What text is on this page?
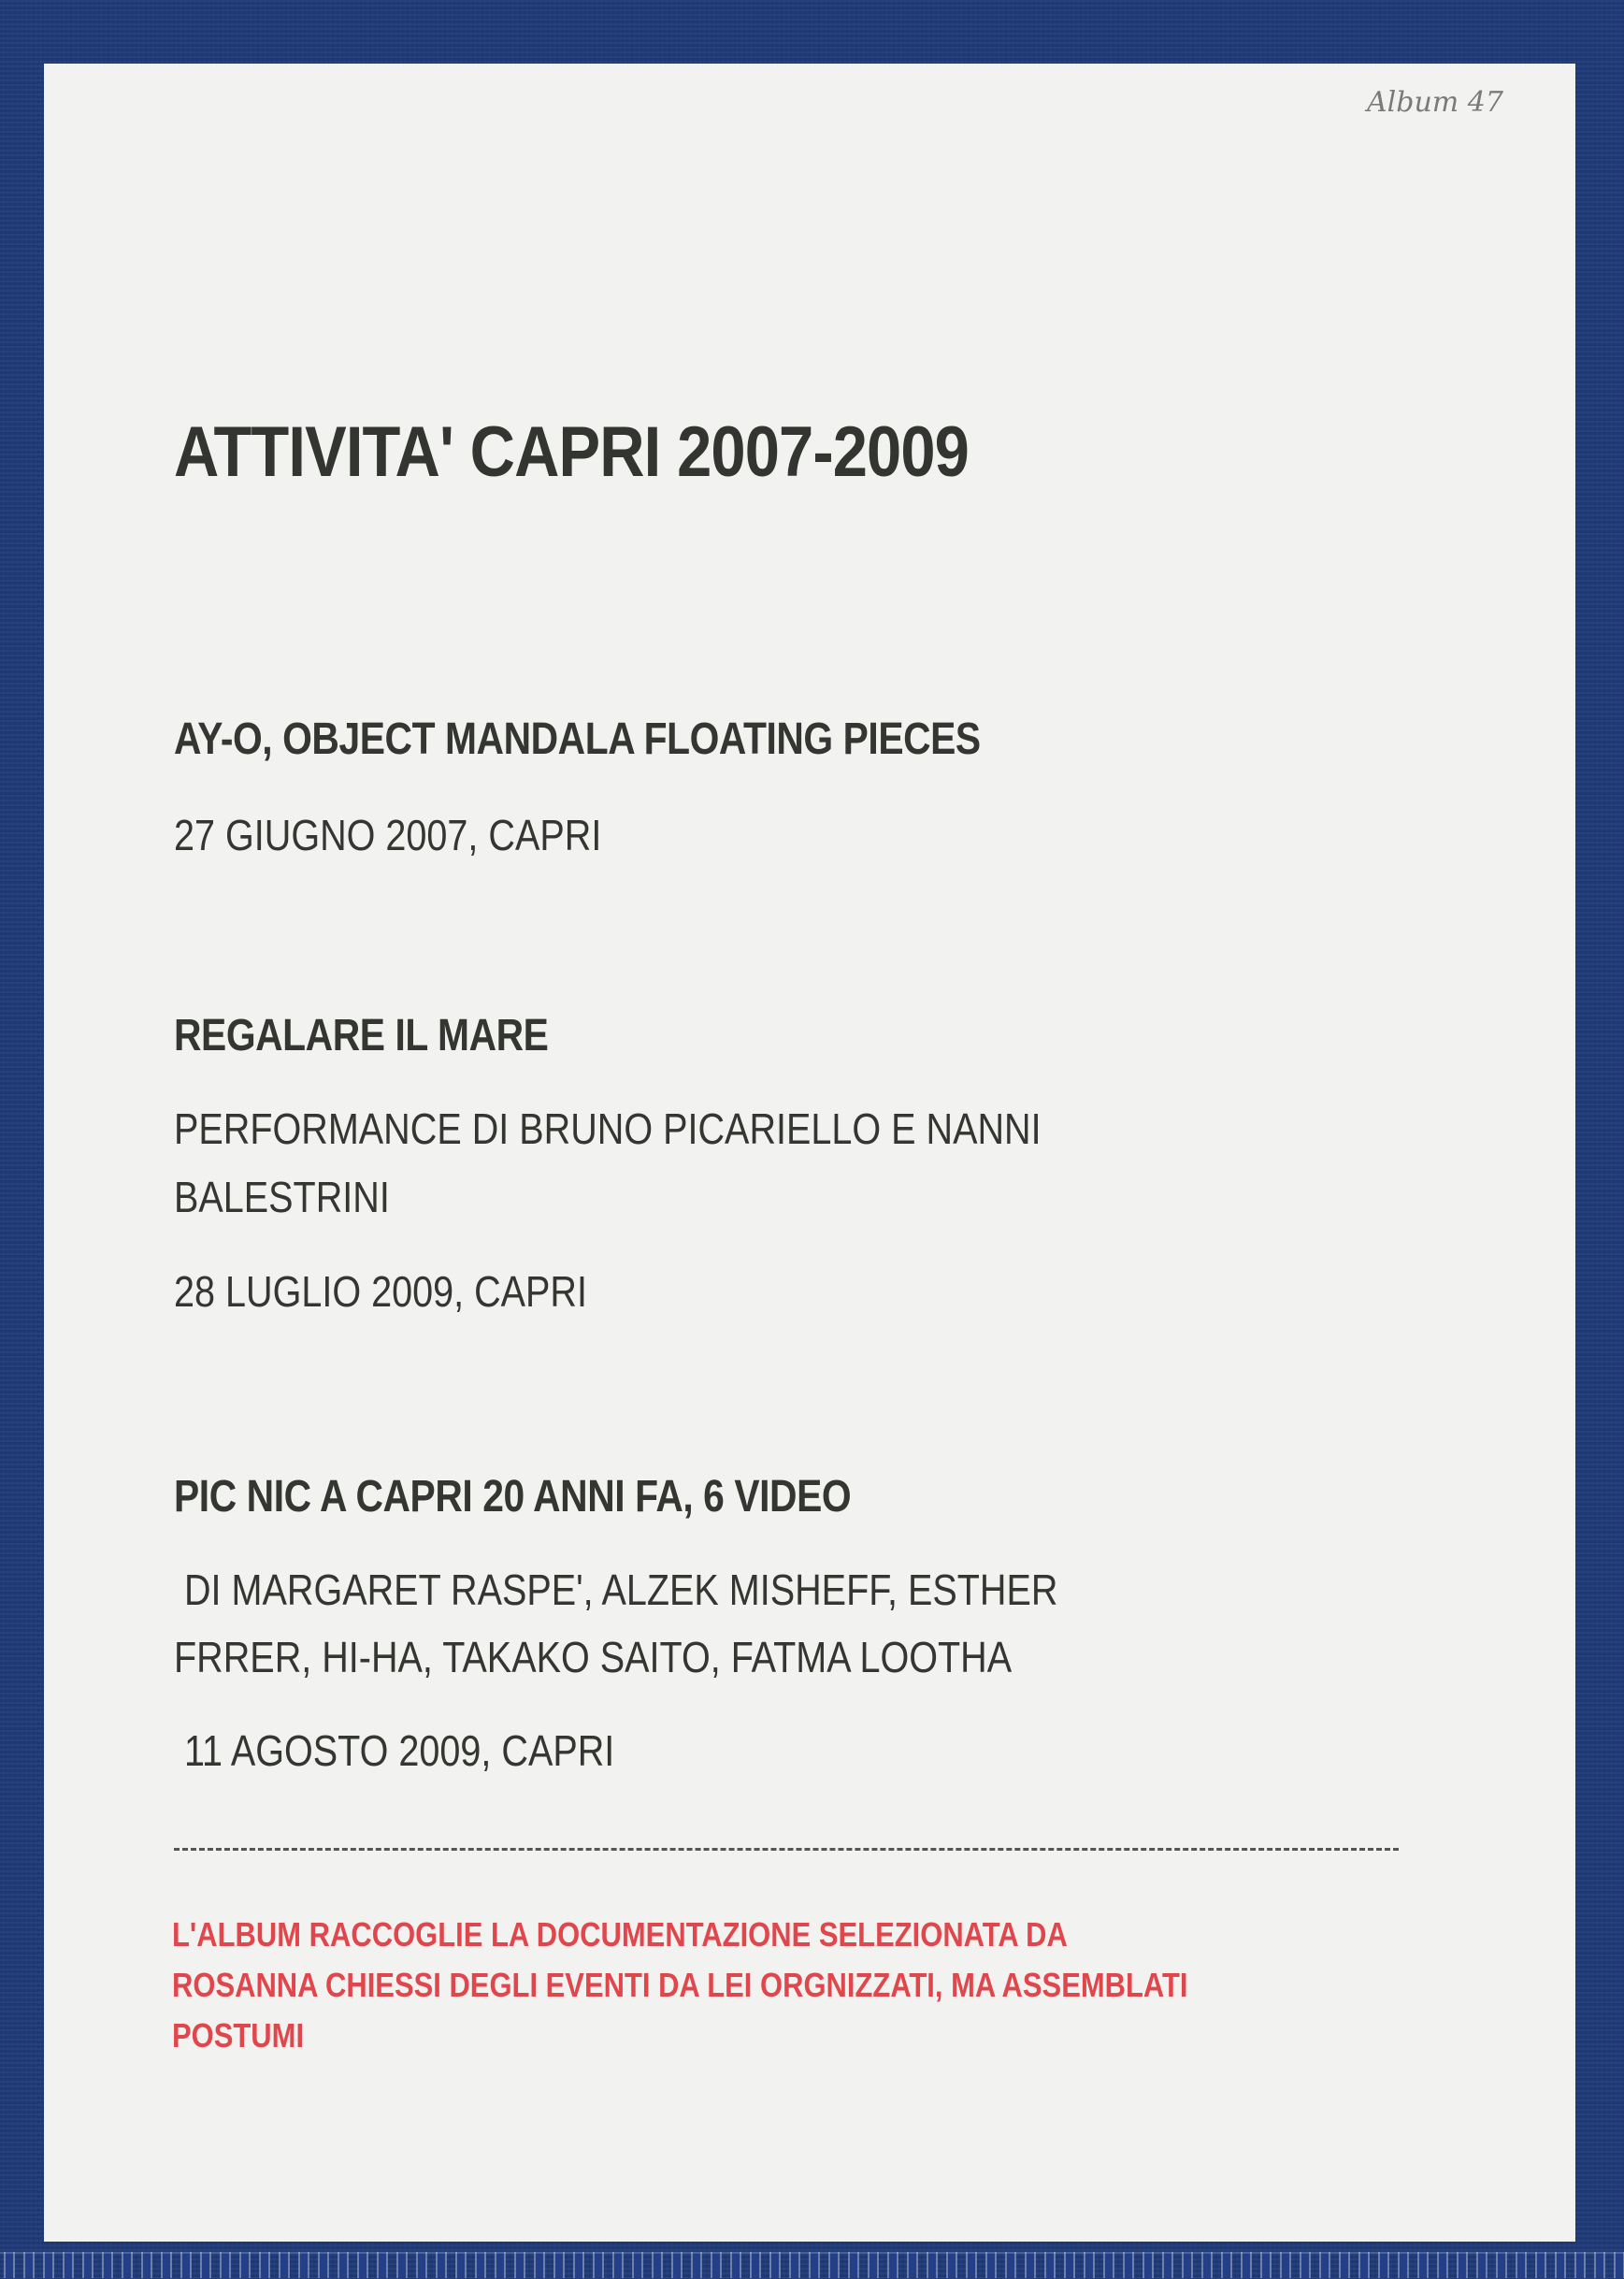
Album 47
ATTIVITA' CAPRI 2007-2009
AY-O, OBJECT MANDALA FLOATING PIECES
27 GIUGNO 2007, CAPRI
REGALARE IL MARE
PERFORMANCE DI BRUNO PICARIELLO E NANNI
BALESTRINI
28 LUGLIO 2009, CAPRI
PIC NIC A CAPRI 20 ANNI FA, 6 VIDEO
DI MARGARET RASPE', ALZEK MISHEFF, ESTHER
FRRER, HI-HA, TAKAKO SAITO, FATMA LOOTHA
11 AGOSTO 2009, CAPRI
L'ALBUM RACCOGLIE LA DOCUMENTAZIONE SELEZIONATA DA
ROSANNA CHIESSI DEGLI EVENTI DA LEI ORGNIZZATI, MA ASSEMBLATI
POSTUMI
